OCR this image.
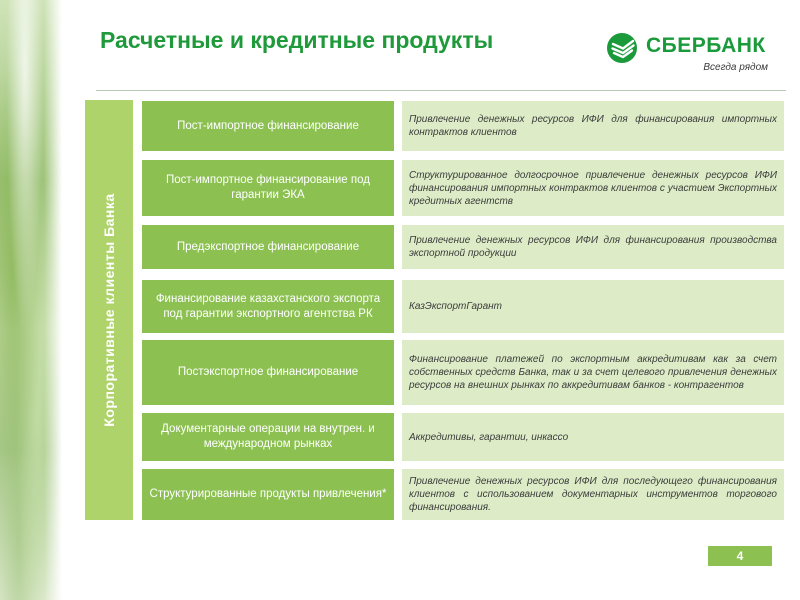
Расчетные и кредитные продукты	СБЕРБАНК
Всегда рядом
Корпоративные клиенты Банка
Пост-импортное финансирование
Привлечение денежных ресурсов ИФИ для финансирования импортных контрактов клиентов
Пост-импортное финансирование под гарантии ЭКА
Структурированное долгосрочное привлечение денежных ресурсов ИФИ финансирования импортных контрактов клиентов с участием Экспортных кредитных агентств
Предэкспортное финансирование
Привлечение денежных ресурсов ИФИ для финансирования производства экспортной продукции
Финансирование казахстанского экспорта под гарантии экспортного агентства РК
КазЭкспортГарант
Постэкспортное финансирование
Финансирование платежей по экспортным аккредитивам как за счет собственных средств Банка, так и за счет целевого привлечения денежных ресурсов на внешних рынках по аккредитивам банков - контрагентов
Документарные операции на внутрен. и международном рынках
Аккредитивы, гарантии, инкассо
Структурированные продукты привлечения*
Привлечение денежных ресурсов ИФИ для последующего финансирования клиентов с использованием документарных инструментов торгового финансирования.
4
